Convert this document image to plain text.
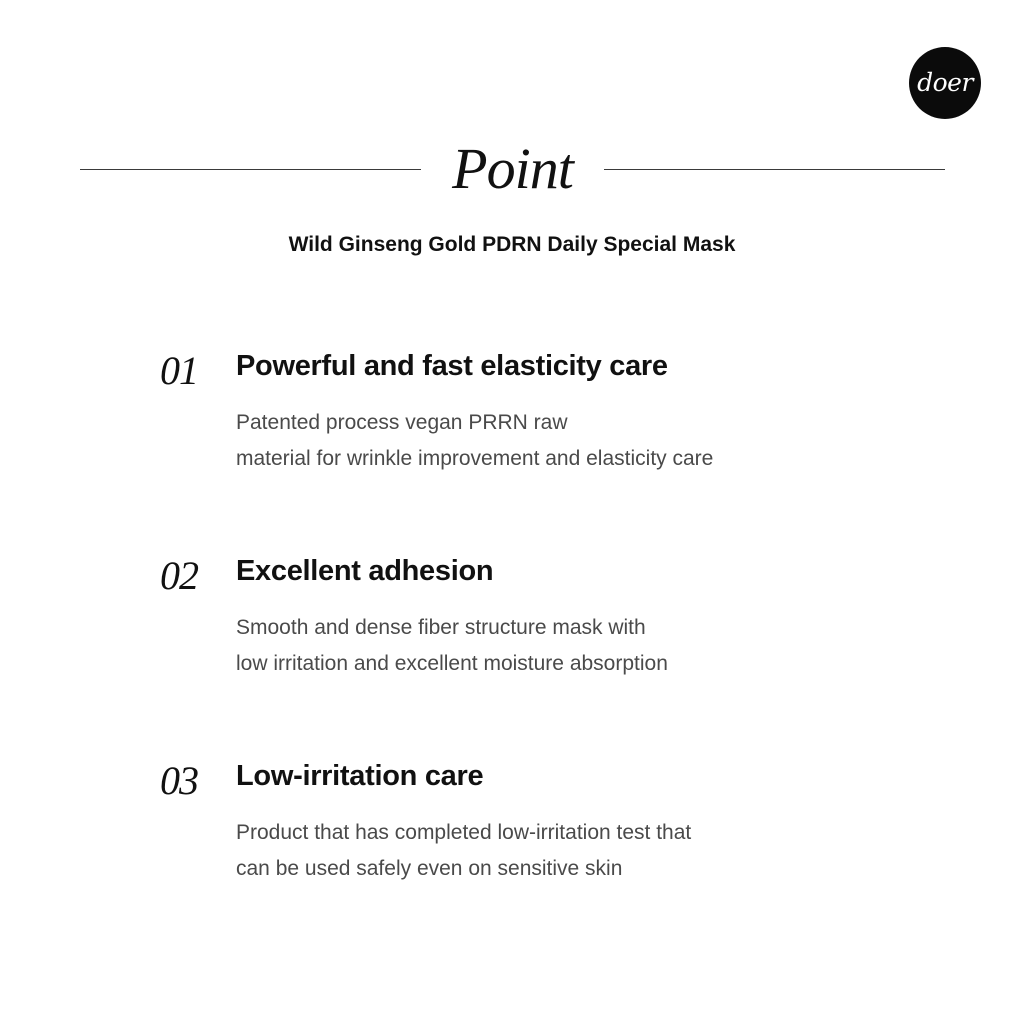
doer
Point
Wild Ginseng Gold PDRN Daily Special Mask
01	Powerful and fast elasticity care
Patented process vegan PRRN raw
material for wrinkle improvement and elasticity care
02	Excellent adhesion
Smooth and dense fiber structure mask with
low irritation and excellent moisture absorption
03	Low-irritation care
Product that has completed low-irritation test that
can be used safely even on sensitive skin
